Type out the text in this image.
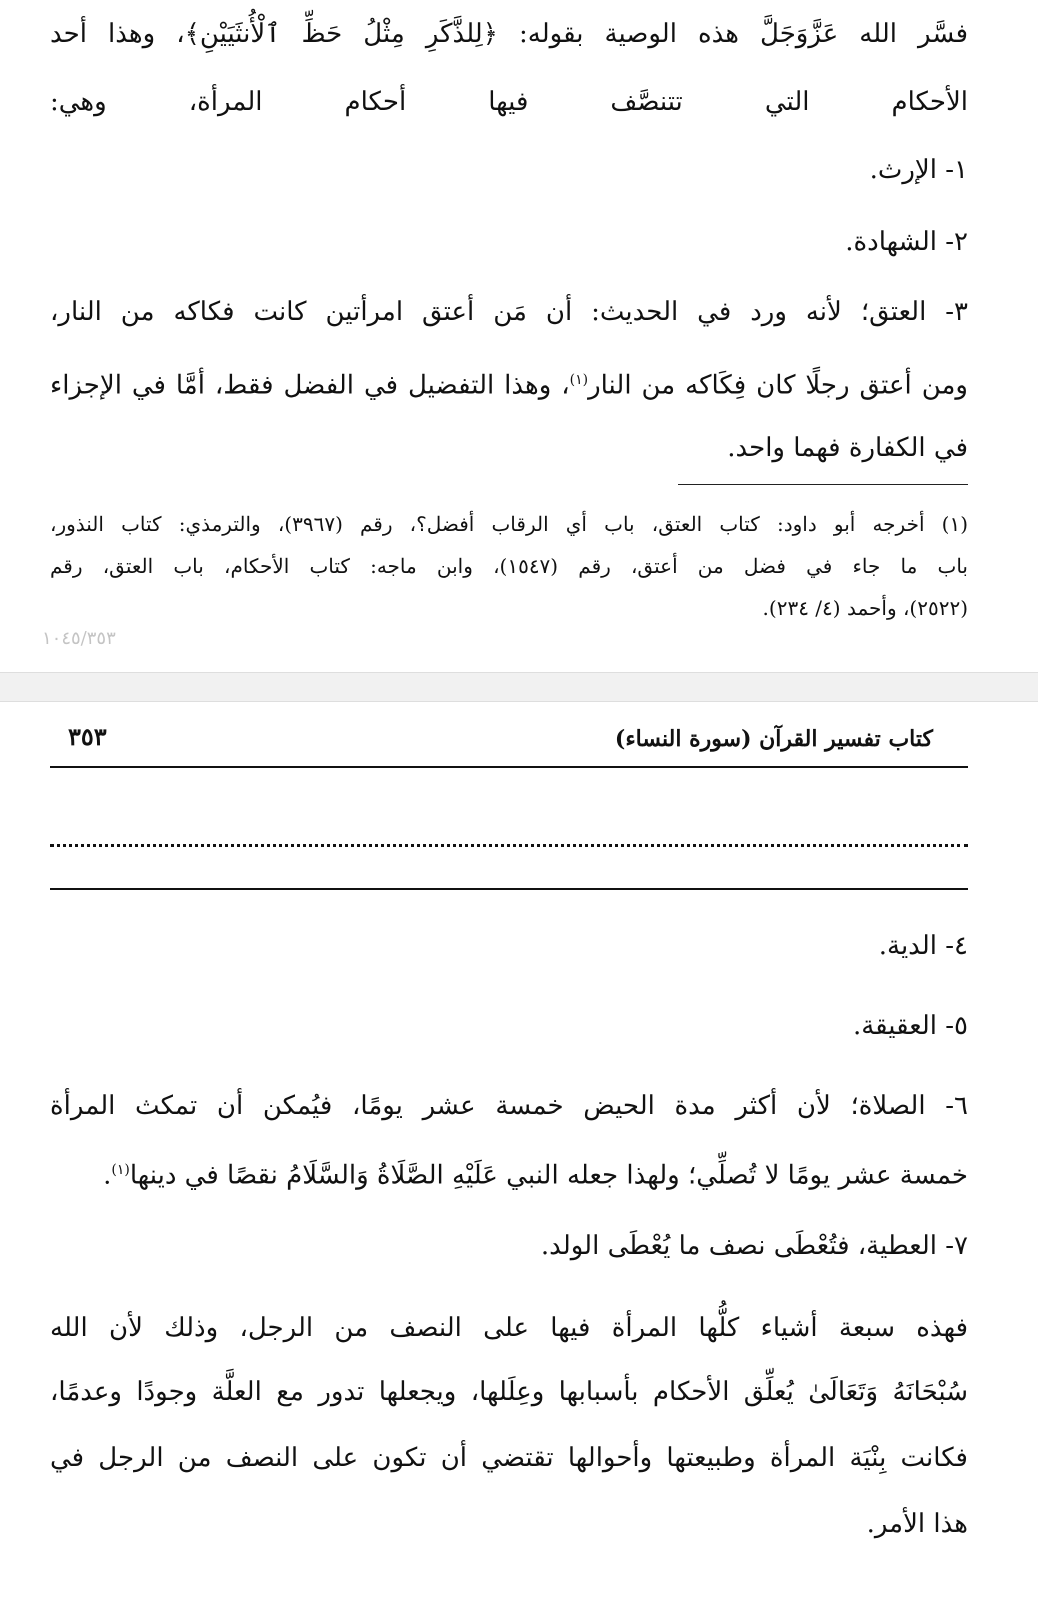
فسَّر الله عَزَّوَجَلَّ هذه الوصية بقوله: ﴿لِلذَّكَرِ مِثْلُ حَظِّ ٱلْأُنثَيَيْنِ﴾، وهذا أحد
الأحكام التي تتنصَّف فيها أحكام المرأة، وهي:
١- الإرث.
٢- الشهادة.
٣- العتق؛ لأنه ورد في الحديث: أن مَن أعتق امرأتين كانت فكاكه من النار،
ومن أعتق رجلًا كان فِكَاكه من النار$^{(١)}$، وهذا التفضيل في الفضل فقط، أمَّا في الإجزاء
في الكفارة فهما واحد.
(١) أخرجه أبو داود: كتاب العتق، باب أي الرقاب أفضل؟، رقم (٣٩٦٧)، والترمذي: كتاب النذور،
باب ما جاء في فضل من أعتق، رقم (١٥٤٧)، وابن ماجه: كتاب الأحكام، باب العتق، رقم
(٢٥٢٢)، وأحمد (٤/ ٢٣٤).
١٠٤٥/٣٥٣
كتاب تفسير القرآن (سورة النساء)
٣٥٣
٤- الدية.
٥- العقيقة.
٦- الصلاة؛ لأن أكثر مدة الحيض خمسة عشر يومًا، فيُمكن أن تمكث المرأة
خمسة عشر يومًا لا تُصلِّي؛ ولهذا جعله النبي عَلَيْهِ الصَّلَاةُ وَالسَّلَامُ نقصًا في دينها$^{(١)}$.
٧- العطية، فتُعْطَى نصف ما يُعْطَى الولد.
فهذه سبعة أشياء كلُّها المرأة فيها على النصف من الرجل، وذلك لأن الله
سُبْحَانَهُ وَتَعَالَىٰ يُعلِّق الأحكام بأسبابها وعِلَلها، ويجعلها تدور مع العلَّة وجودًا وعدمًا،
فكانت بِنْيَة المرأة وطبيعتها وأحوالها تقتضي أن تكون على النصف من الرجل في
هذا الأمر.
